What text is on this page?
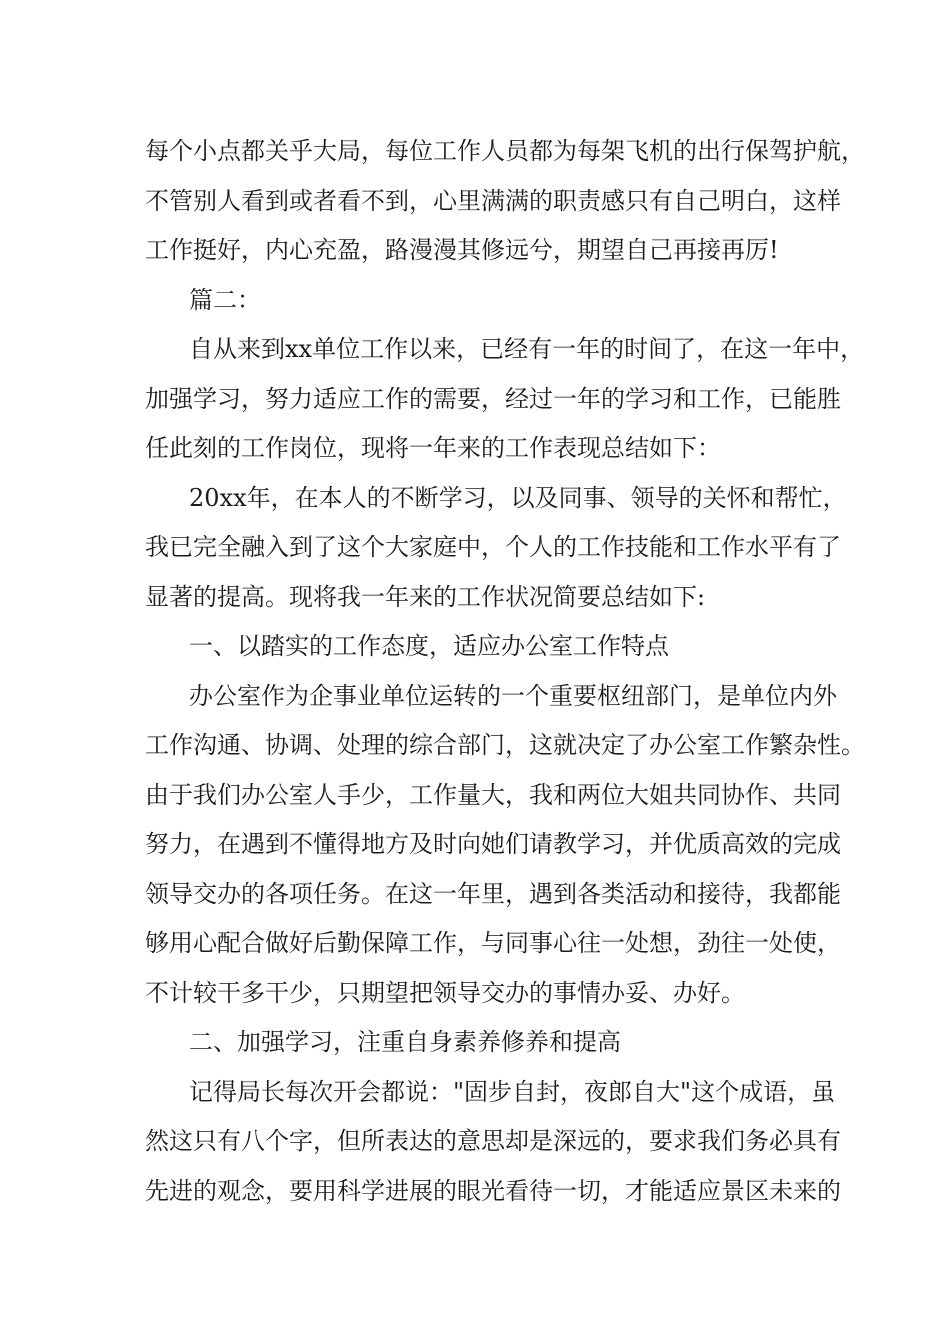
每个小点都关乎大局，每位工作人员都为每架飞机的出行保驾护航，
不管别人看到或者看不到，心里满满的职责感只有自己明白，这样
工作挺好，内心充盈，路漫漫其修远兮，期望自己再接再厉!
篇二：
自从来到xx单位工作以来，已经有一年的时间了，在这一年中，
加强学习，努力适应工作的需要，经过一年的学习和工作，已能胜
任此刻的工作岗位，现将一年来的工作表现总结如下：
20xx年，在本人的不断学习，以及同事、领导的关怀和帮忙，
我已完全融入到了这个大家庭中，个人的工作技能和工作水平有了
显著的提高。现将我一年来的工作状况简要总结如下:
一、以踏实的工作态度，适应办公室工作特点
办公室作为企事业单位运转的一个重要枢纽部门，是单位内外
工作沟通、协调、处理的综合部门，这就决定了办公室工作繁杂性。
由于我们办公室人手少，工作量大，我和两位大姐共同协作、共同
努力，在遇到不懂得地方及时向她们请教学习，并优质高效的完成
领导交办的各项任务。在这一年里，遇到各类活动和接待，我都能
够用心配合做好后勤保障工作，与同事心往一处想，劲往一处使，
不计较干多干少，只期望把领导交办的事情办妥、办好。
二、加强学习，注重自身素养修养和提高
记得局长每次开会都说："固步自封，夜郎自大"这个成语，虽
然这只有八个字，但所表达的意思却是深远的，要求我们务必具有
先进的观念，要用科学进展的眼光看待一切，才能适应景区未来的
